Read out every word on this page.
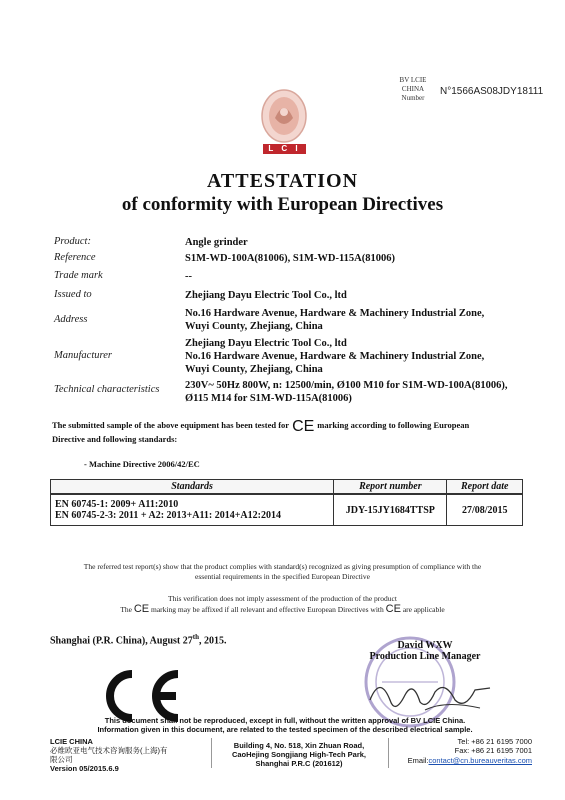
L C I E
BV LCIE
CHINA
Number
N°1566AS08JDY18111
ATTESTATION
of conformity with European Directives
Product:	Angle grinder
Reference	S1M-WD-100A(81006), S1M-WD-115A(81006)
Trade mark	--
Issued to	Zhejiang Dayu Electric Tool Co., ltd
Address
No.16 Hardware Avenue, Hardware & Machinery Industrial Zone,
Wuyi County, Zhejiang, China
Manufacturer
Zhejiang Dayu Electric Tool Co., ltd
No.16 Hardware Avenue, Hardware & Machinery Industrial Zone,
Wuyi County, Zhejiang, China
Technical characteristics 230V~ 50Hz 800W, n: 12500/min, Ø100 M10 for S1M-WD-100A(81006),
Ø115 M14 for S1M-WD-115A(81006)
The submitted sample of the above equipment has been tested for CE marking according to following European
Directive and following standards:
- Machine Directive 2006/42/EC
Standards	Report number	Report date

EN 60745-1: 2009+ A11:2010
EN 60745-2-3: 2011 + A2: 2013+A11: 2014+A12:2014	JDY-15JY1684TTSP	27/08/2015
The referred test report(s) show that the product complies with standard(s) recognized as giving presumption of compliance with the
essential requirements in the specified European Directive
This verification does not imply assessment of the production of the product
The CE marking may be affixed if all relevant and effective European Directives with CE are applicable
Shanghai (P.R. China), August 27th, 2015.	David WXW
Production Line Manager
This document shall not be reproduced, except in full, without the written approval of BV LCIE China.
Information given in this document, are related to the tested specimen of the described electrical sample.
LCIE CHINA
必维欧亚电气技术咨询服务(上海)有
限公司
Version 05/2015.6.9
Building 4, No. 518, Xin Zhuan Road,
CaoHejing Songjiang High-Tech Park,
Shanghai P.R.C (201612)
Tel: +86 21 6195 7000
Fax: +86 21 6195 7001
Email:contact@cn.bureauveritas.com
